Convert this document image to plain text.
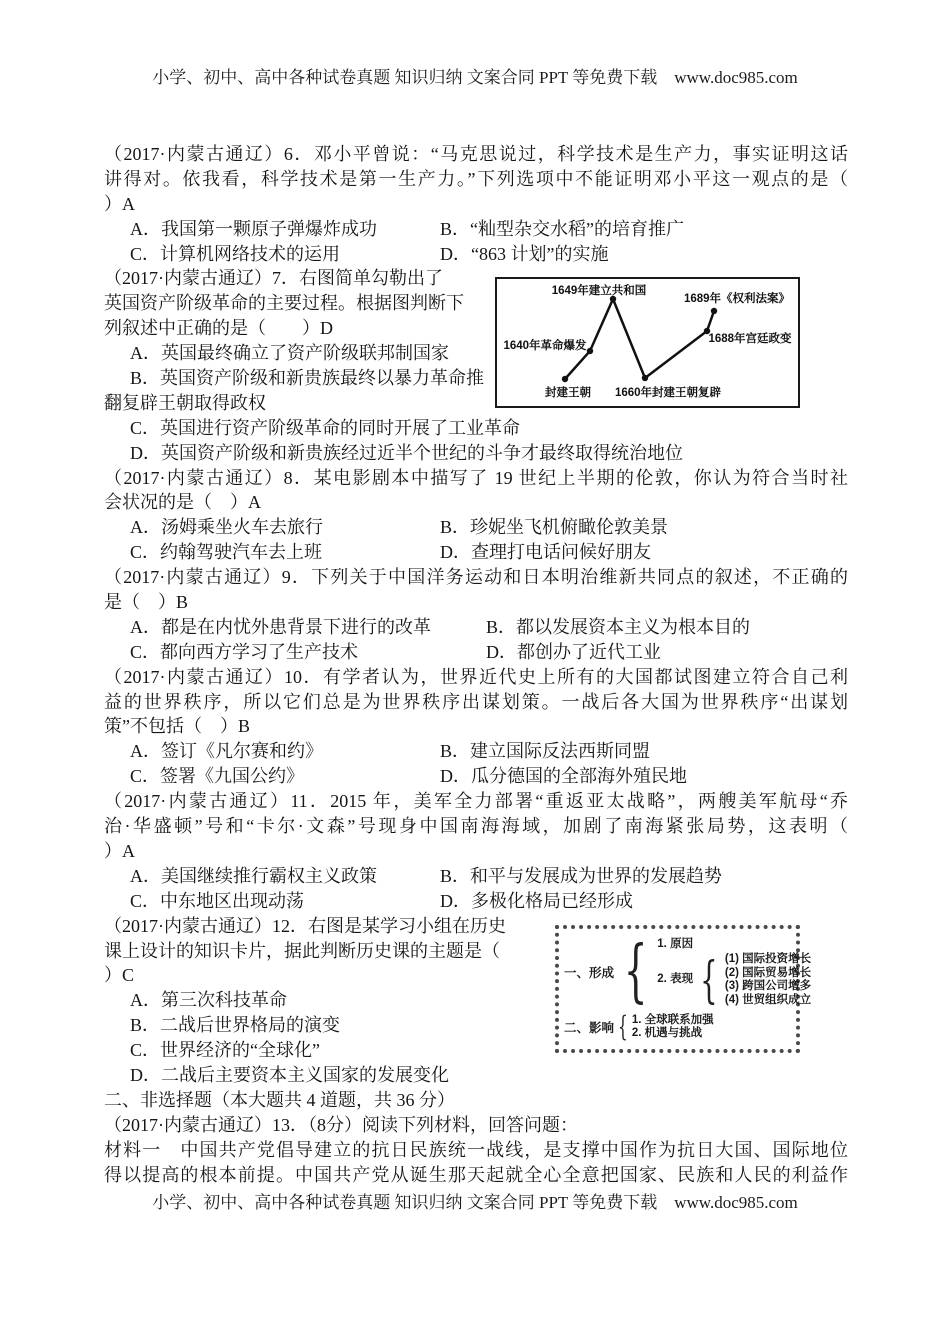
小学、初中、高中各种试卷真题 知识归纳 文案合同 PPT 等免费下载　www.doc985.com
（2017·内蒙古通辽）6．邓小平曾说：“马克思说过，科学技术是生产力，事实证明这话
讲得对。依我看，科学技术是第一生产力。”下列选项中不能证明邓小平这一观点的是（
）A
A．我国第一颗原子弹爆炸成功	B．“籼型杂交水稻”的培育推广
C．计算机网络技术的运用	D．“863 计划”的实施
（2017·内蒙古通辽）7．右图简单勾勒出了
英国资产阶级革命的主要过程。根据图判断下
列叙述中正确的是（　　）D
A．英国最终确立了资产阶级联邦制国家
B．英国资产阶级和新贵族最终以暴力革命推
翻复辟王朝取得政权
C．英国进行资产阶级革命的同时开展了工业革命
D．英国资产阶级和新贵族经过近半个世纪的斗争才最终取得统治地位
（2017·内蒙古通辽）8．某电影剧本中描写了 19 世纪上半期的伦敦，你认为符合当时社
会状况的是（　）A
A．汤姆乘坐火车去旅行	B．珍妮坐飞机俯瞰伦敦美景
C．约翰驾驶汽车去上班	D．查理打电话问候好朋友
（2017·内蒙古通辽）9．下列关于中国洋务运动和日本明治维新共同点的叙述，不正确的
是（　）B
A．都是在内忧外患背景下进行的改革	B．都以发展资本主义为根本目的
C．都向西方学习了生产技术	D．都创办了近代工业
（2017·内蒙古通辽）10．有学者认为，世界近代史上所有的大国都试图建立符合自己利
益的世界秩序，所以它们总是为世界秩序出谋划策。一战后各大国为世界秩序“出谋划
策”不包括（　）B
A．签订《凡尔赛和约》	B．建立国际反法西斯同盟
C．签署《九国公约》	D．瓜分德国的全部海外殖民地
（2017·内蒙古通辽）11．2015 年，美军全力部署“重返亚太战略”，两艘美军航母“乔
治·华盛顿”号和“卡尔·文森”号现身中国南海海域，加剧了南海紧张局势，这表明（
）A
A．美国继续推行霸权主义政策	B．和平与发展成为世界的发展趋势
C．中东地区出现动荡	D．多极化格局已经形成
（2017·内蒙古通辽）12．右图是某学习小组在历史
课上设计的知识卡片，据此判断历史课的主题是（
）C
A．第三次科技革命
B．二战后世界格局的演变
C．世界经济的“全球化”
D．二战后主要资本主义国家的发展变化
二、非选择题（本大题共 4 道题，共 36 分）
（2017·内蒙古通辽）13．（8分）阅读下列材料，回答问题：
材料一　中国共产党倡导建立的抗日民族统一战线，是支撑中国作为抗日大国、国际地位
得以提高的根本前提。中国共产党从诞生那天起就全心全意把国家、民族和人民的利益作
1649年建立共和国
1689年《权利法案》
1640年革命爆发
1688年宫廷政变
封建王朝 1660年封建王朝复辟
一、形成 { 1. 原因
2. 表现 { (1) 国际投资增长
(2) 国际贸易增长
(3) 跨国公司增多
(4) 世贸组织成立
二、影响 { 1. 全球联系加强
2. 机遇与挑战
小学、初中、高中各种试卷真题 知识归纳 文案合同 PPT 等免费下载　www.doc985.com
